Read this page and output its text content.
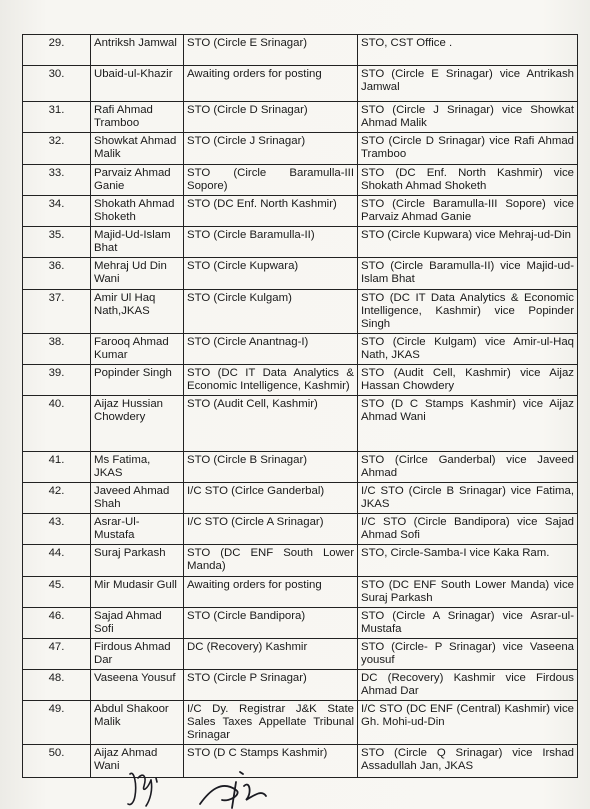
29.	Antriksh Jamwal	STO (Circle E Srinagar)	STO, CST Office .
30.	Ubaid-ul-Khazir	Awaiting orders for posting	STO (Circle E Srinagar) vice Antrikash Jamwal
31.	Rafi Ahmad Tramboo	STO (Circle D Srinagar)	STO (Circle J Srinagar) vice Showkat Ahmad Malik
32.	Showkat Ahmad Malik	STO (Circle J Srinagar)	STO (Circle D Srinagar) vice Rafi Ahmad Tramboo
33.	Parvaiz Ahmad Ganie	STO (Circle Baramulla-III Sopore)	STO (DC Enf. North Kashmir) vice Shokath Ahmad Shoketh
34.	Shokath Ahmad Shoketh	STO (DC Enf. North Kashmir)	STO (Circle Baramulla-III Sopore) vice Parvaiz Ahmad Ganie
35.	Majid-Ud-Islam Bhat	STO (Circle Baramulla-II)	STO (Circle Kupwara) vice Mehraj-ud-Din
36.	Mehraj Ud Din Wani	STO (Circle Kupwara)	STO (Circle Baramulla-II) vice Majid-ud-Islam Bhat
37.	Amir Ul Haq Nath,JKAS	STO (Circle Kulgam)	STO (DC IT Data Analytics & Economic Intelligence, Kashmir) vice Popinder Singh
38.	Farooq Ahmad Kumar	STO (Circle Anantnag-I)	STO (Circle Kulgam) vice Amir-ul-Haq Nath, JKAS
39.	Popinder Singh	STO (DC IT Data Analytics & Economic Intelligence, Kashmir)	STO (Audit Cell, Kashmir) vice Aijaz Hassan Chowdery
40.	Aijaz Hussian Chowdery	STO (Audit Cell, Kashmir)	STO (D C Stamps Kashmir) vice Aijaz Ahmad Wani
41.	Ms Fatima, JKAS	STO (Circle B Srinagar)	STO (Cirlce Ganderbal) vice Javeed Ahmad
42.	Javeed Ahmad Shah	I/C STO (Cirlce Ganderbal)	I/C STO (Circle B Srinagar) vice Fatima, JKAS
43.	Asrar-Ul-Mustafa	I/C STO (Circle A Srinagar)	I/C STO (Circle Bandipora) vice Sajad Ahmad Sofi
44.	Suraj Parkash	STO (DC ENF South Lower Manda)	STO, Circle-Samba-I vice Kaka Ram.
45.	Mir Mudasir Gull	Awaiting orders for posting	STO (DC ENF South Lower Manda) vice Suraj Parkash
46.	Sajad Ahmad Sofi	STO (Circle Bandipora)	STO (Circle A Srinagar) vice Asrar-ul-Mustafa
47.	Firdous Ahmad Dar	DC (Recovery) Kashmir	STO (Circle- P Srinagar) vice Vaseena yousuf
48.	Vaseena Yousuf	STO (Circle P Srinagar)	DC (Recovery) Kashmir vice Firdous Ahmad Dar
49.	Abdul Shakoor Malik	I/C Dy. Registrar J&K State Sales Taxes Appellate Tribunal Srinagar	I/C STO (DC ENF (Central) Kashmir) vice Gh. Mohi-ud-Din
50.	Aijaz Ahmad Wani	STO (D C Stamps Kashmir)	STO (Circle Q Srinagar) vice Irshad Assadullah Jan, JKAS
